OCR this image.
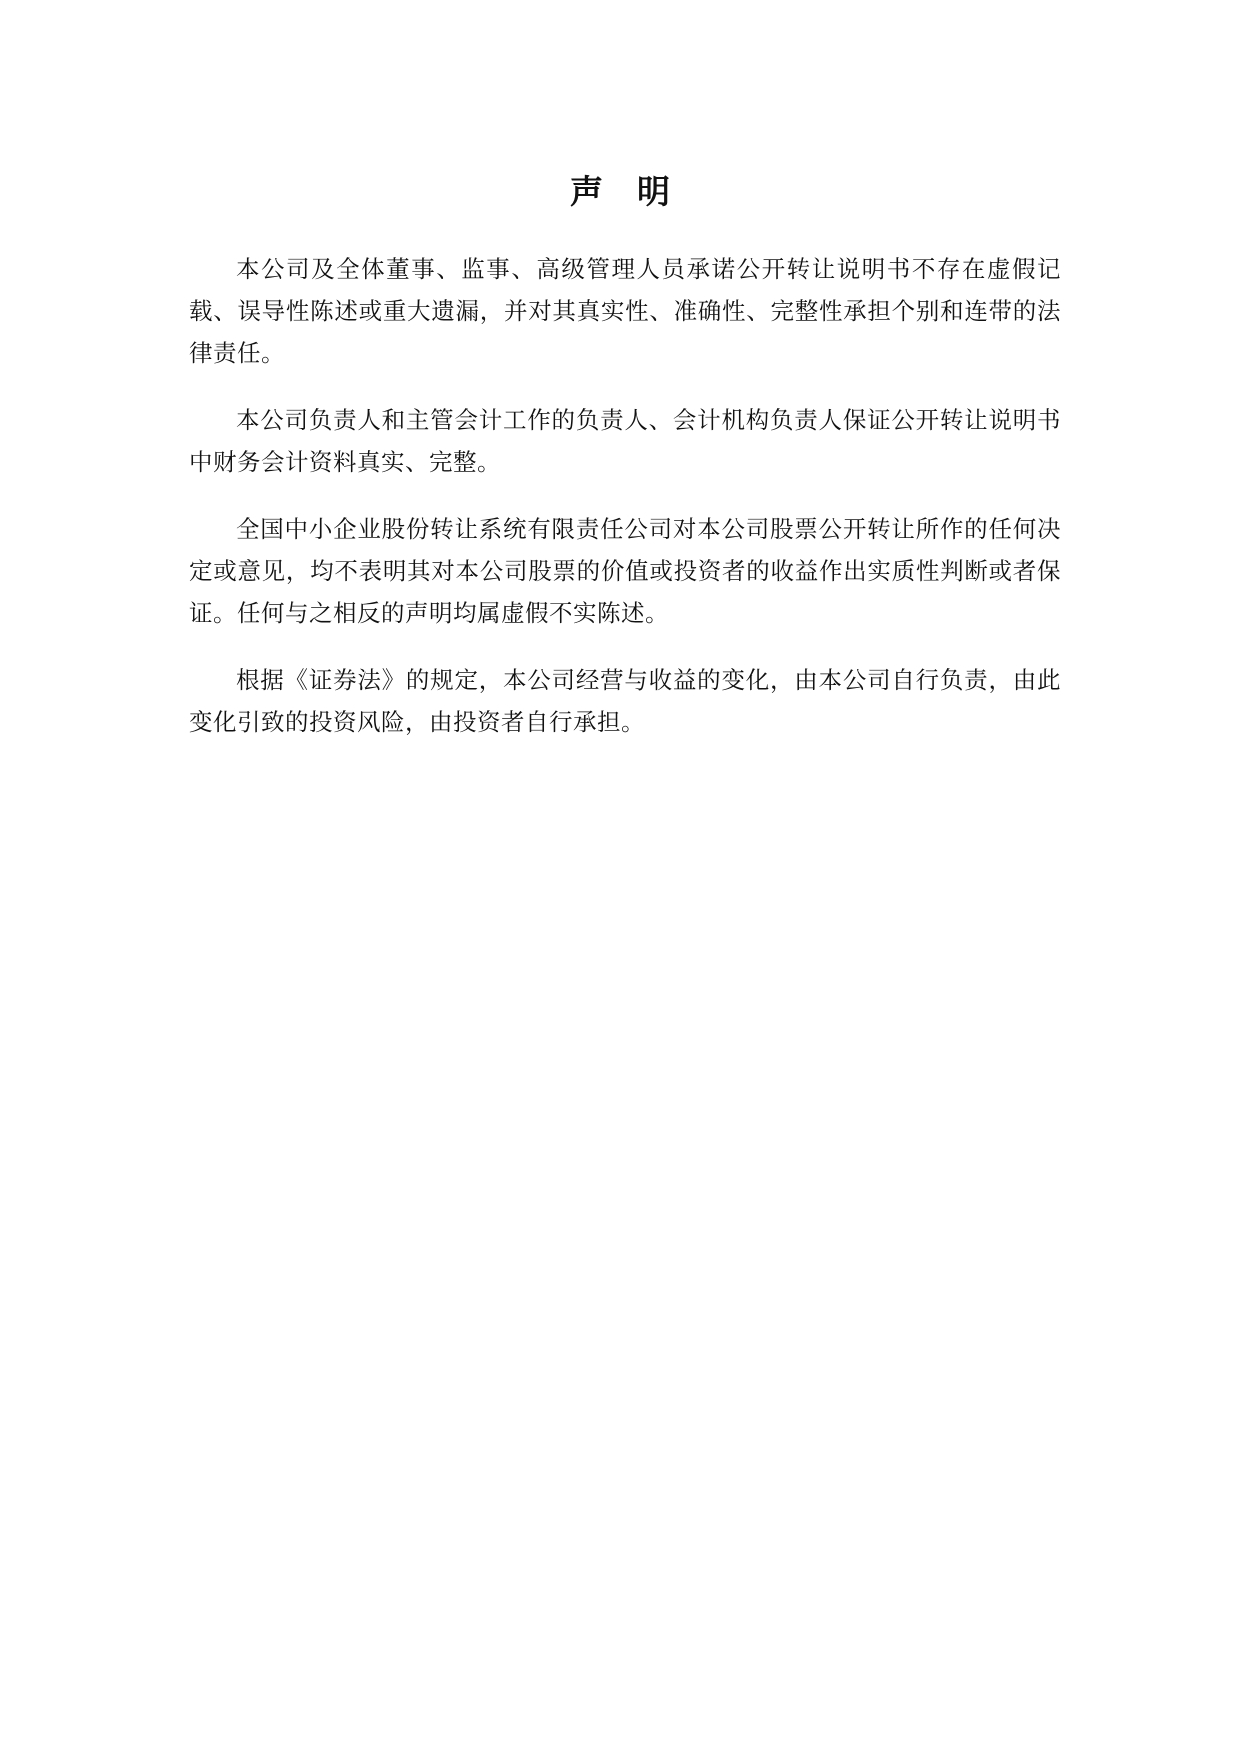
声 明

本公司及全体董事、监事、高级管理人员承诺公开转让说明书不存在虚假记载、误导性陈述或重大遗漏，并对其真实性、准确性、完整性承担个别和连带的法律责任。

本公司负责人和主管会计工作的负责人、会计机构负责人保证公开转让说明书中财务会计资料真实、完整。

全国中小企业股份转让系统有限责任公司对本公司股票公开转让所作的任何决定或意见，均不表明其对本公司股票的价值或投资者的收益作出实质性判断或者保证。任何与之相反的声明均属虚假不实陈述。

根据《证券法》的规定，本公司经营与收益的变化，由本公司自行负责，由此变化引致的投资风险，由投资者自行承担。
